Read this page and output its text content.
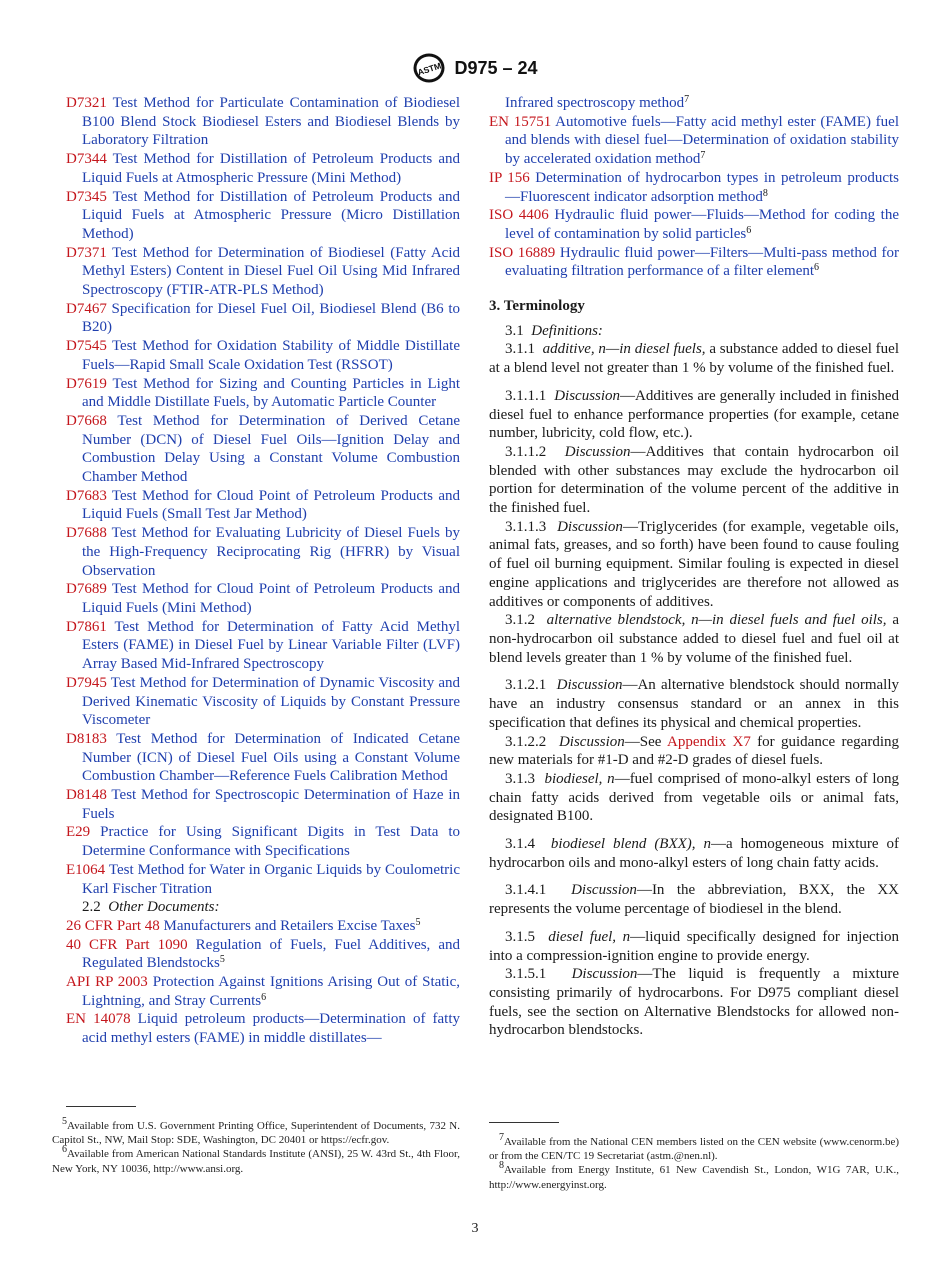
ASTM D975 – 24

D7321 Test Method for Particulate Contamination of Biodiesel B100 Blend Stock Biodiesel Esters and Biodiesel Blends by Laboratory Filtration

D7344 Test Method for Distillation of Petroleum Products and Liquid Fuels at Atmospheric Pressure (Mini Method)

D7345 Test Method for Distillation of Petroleum Products and Liquid Fuels at Atmospheric Pressure (Micro Distillation Method)

D7371 Test Method for Determination of Biodiesel (Fatty Acid Methyl Esters) Content in Diesel Fuel Oil Using Mid Infrared Spectroscopy (FTIR-ATR-PLS Method)

D7467 Specification for Diesel Fuel Oil, Biodiesel Blend (B6 to B20)

D7545 Test Method for Oxidation Stability of Middle Distillate Fuels—Rapid Small Scale Oxidation Test (RSSOT)

D7619 Test Method for Sizing and Counting Particles in Light and Middle Distillate Fuels, by Automatic Particle Counter

D7668 Test Method for Determination of Derived Cetane Number (DCN) of Diesel Fuel Oils—Ignition Delay and Combustion Delay Using a Constant Volume Combustion Chamber Method

D7683 Test Method for Cloud Point of Petroleum Products and Liquid Fuels (Small Test Jar Method)

D7688 Test Method for Evaluating Lubricity of Diesel Fuels by the High-Frequency Reciprocating Rig (HFRR) by Visual Observation

D7689 Test Method for Cloud Point of Petroleum Products and Liquid Fuels (Mini Method)

D7861 Test Method for Determination of Fatty Acid Methyl Esters (FAME) in Diesel Fuel by Linear Variable Filter (LVF) Array Based Mid-Infrared Spectroscopy

D7945 Test Method for Determination of Dynamic Viscosity and Derived Kinematic Viscosity of Liquids by Constant Pressure Viscometer

D8183 Test Method for Determination of Indicated Cetane Number (ICN) of Diesel Fuel Oils using a Constant Volume Combustion Chamber—Reference Fuels Calibration Method

D8148 Test Method for Spectroscopic Determination of Haze in Fuels

E29 Practice for Using Significant Digits in Test Data to Determine Conformance with Specifications

E1064 Test Method for Water in Organic Liquids by Coulometric Karl Fischer Titration

2.2 Other Documents:

26 CFR Part 48 Manufacturers and Retailers Excise Taxes$^5$

40 CFR Part 1090 Regulation of Fuels, Fuel Additives, and Regulated Blendstocks$^5$

API RP 2003 Protection Against Ignitions Arising Out of Static, Lightning, and Stray Currents$^6$

EN 14078 Liquid petroleum products—Determination of fatty acid methyl esters (FAME) in middle distillates—

Infrared spectroscopy method$^7$

EN 15751 Automotive fuels—Fatty acid methyl ester (FAME) fuel and blends with diesel fuel—Determination of oxidation stability by accelerated oxidation method$^7$

IP 156 Determination of hydrocarbon types in petroleum products—Fluorescent indicator adsorption method$^8$

ISO 4406 Hydraulic fluid power—Fluids—Method for coding the level of contamination by solid particles$^6$

ISO 16889 Hydraulic fluid power—Filters—Multi-pass method for evaluating filtration performance of a filter element$^6$

3. Terminology

3.1 Definitions:

3.1.1 additive, n—in diesel fuels, a substance added to diesel fuel at a blend level not greater than 1 % by volume of the finished fuel.

3.1.1.1 Discussion—Additives are generally included in finished diesel fuel to enhance performance properties (for example, cetane number, lubricity, cold flow, etc.).

3.1.1.2 Discussion—Additives that contain hydrocarbon oil blended with other substances may exclude the hydrocarbon oil portion for determination of the volume percent of the additive in the finished fuel.

3.1.1.3 Discussion—Triglycerides (for example, vegetable oils, animal fats, greases, and so forth) have been found to cause fouling of fuel oil burning equipment. Similar fouling is expected in diesel engine applications and triglycerides are therefore not allowed as additives or components of additives.

3.1.2 alternative blendstock, n—in diesel fuels and fuel oils, a non-hydrocarbon oil substance added to diesel fuel and fuel oil at blend levels greater than 1 % by volume of the finished fuel.

3.1.2.1 Discussion—An alternative blendstock should normally have an industry consensus standard or an annex in this specification that defines its physical and chemical properties.

3.1.2.2 Discussion—See Appendix X7 for guidance regarding new materials for #1-D and #2-D grades of diesel fuels.

3.1.3 biodiesel, n—fuel comprised of mono-alkyl esters of long chain fatty acids derived from vegetable oils or animal fats, designated B100.

3.1.4 biodiesel blend (BXX), n—a homogeneous mixture of hydrocarbon oils and mono-alkyl esters of long chain fatty acids.

3.1.4.1 Discussion—In the abbreviation, BXX, the XX represents the volume percentage of biodiesel in the blend.

3.1.5 diesel fuel, n—liquid specifically designed for injection into a compression-ignition engine to provide energy.

3.1.5.1 Discussion—The liquid is frequently a mixture consisting primarily of hydrocarbons. For D975 compliant diesel fuels, see the section on Alternative Blendstocks for allowed non-hydrocarbon blendstocks.

$^5$Available from U.S. Government Printing Office, Superintendent of Documents, 732 N. Capitol St., NW, Mail Stop: SDE, Washington, DC 20401 or https://ecfr.gov.

$^6$Available from American National Standards Institute (ANSI), 25 W. 43rd St., 4th Floor, New York, NY 10036, http://www.ansi.org.

$^7$Available from the National CEN members listed on the CEN website (www.cenorm.be) or from the CEN/TC 19 Secretariat (astm.@nen.nl).

$^8$Available from Energy Institute, 61 New Cavendish St., London, W1G 7AR, U.K., http://www.energyinst.org.

3
